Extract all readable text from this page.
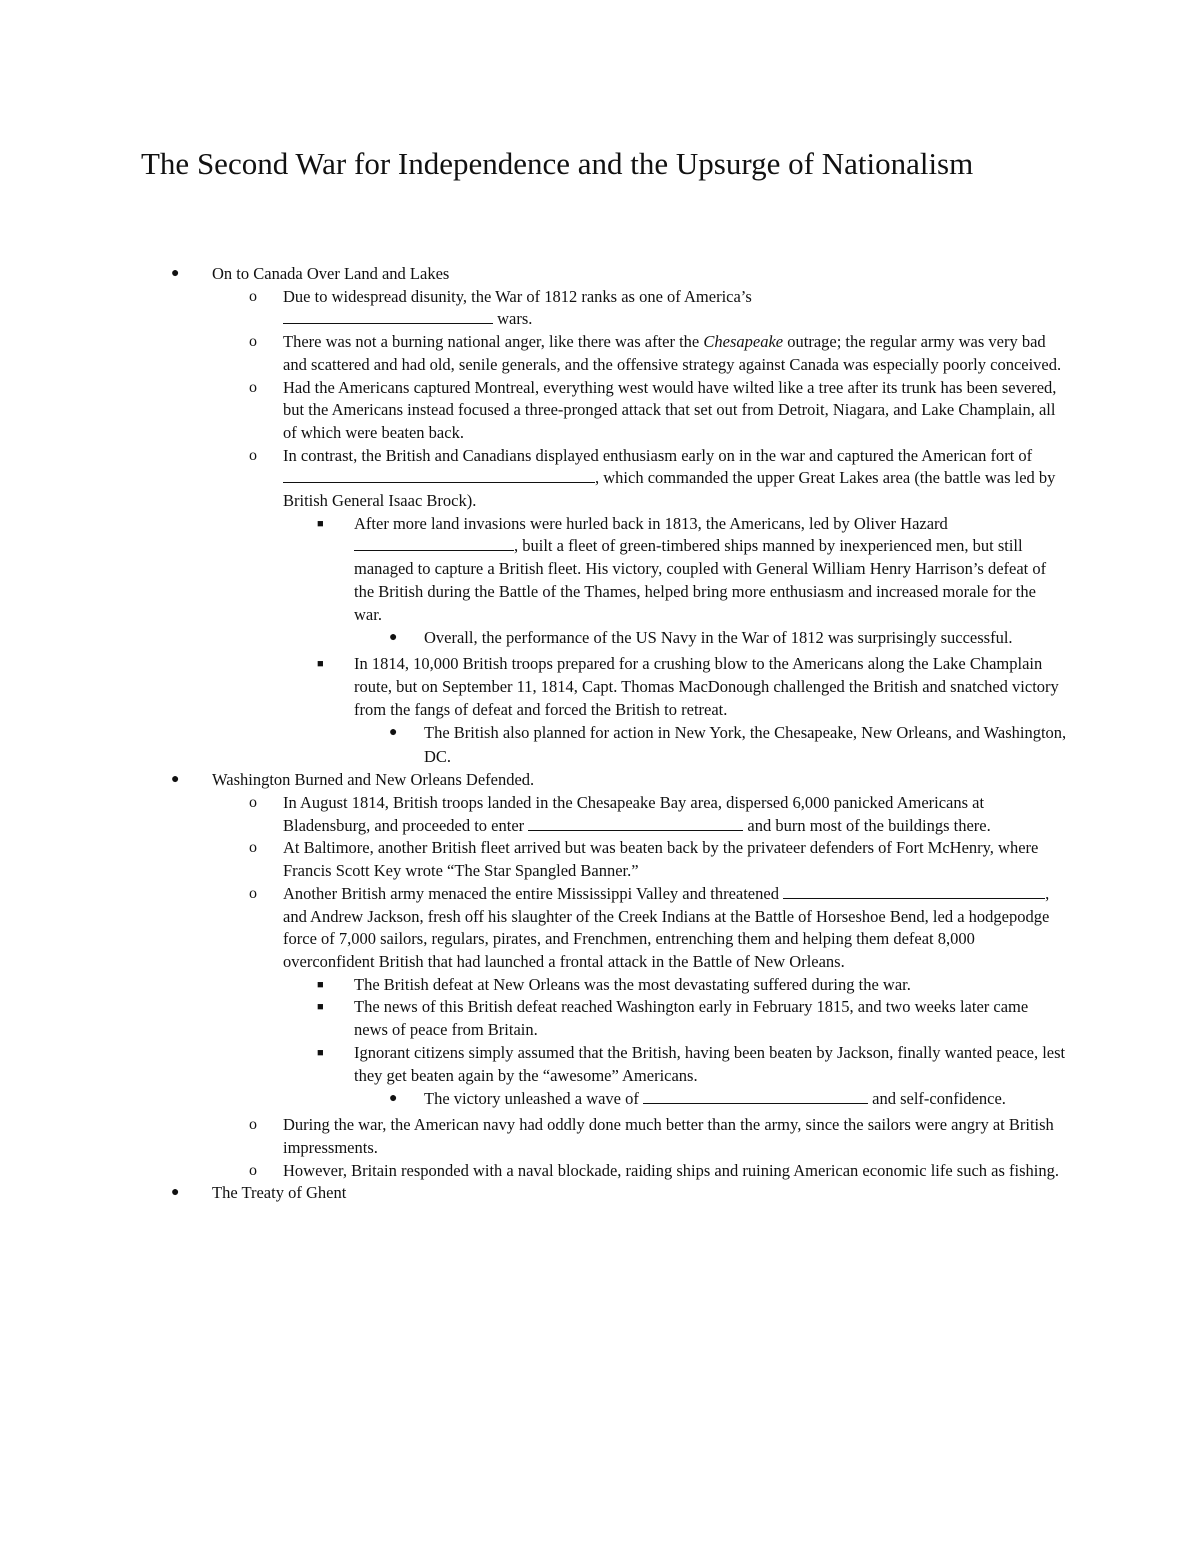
The Second War for Independence and the Upsurge of Nationalism
● On to Canada Over Land and Lakes
o Due to widespread disunity, the War of 1812 ranks as one of America’s
wars.
o There was not a burning national anger, like there was after the Chesapeake outrage; the regular army was very bad and scattered and had old, senile generals, and the offensive strategy against Canada was especially poorly conceived.
o Had the Americans captured Montreal, everything west would have wilted like a tree after its trunk has been severed, but the Americans instead focused a three-pronged attack that set out from Detroit, Niagara, and Lake Champlain, all of which were beaten back.
o In contrast, the British and Canadians displayed enthusiasm early on in the war and captured the American fort of , which commanded the upper Great Lakes area (the battle was led by British General Isaac Brock).
■ After more land invasions were hurled back in 1813, the Americans, led by Oliver Hazard , built a fleet of green-timbered ships manned by inexperienced men, but still managed to capture a British fleet. His victory, coupled with General William Henry Harrison’s defeat of the British during the Battle of the Thames, helped bring more enthusiasm and increased morale for the war.
● Overall, the performance of the US Navy in the War of 1812 was surprisingly successful.
■ In 1814, 10,000 British troops prepared for a crushing blow to the Americans along the Lake Champlain route, but on September 11, 1814, Capt. Thomas MacDonough challenged the British and snatched victory from the fangs of defeat and forced the British to retreat.
● The British also planned for action in New York, the Chesapeake, New Orleans, and Washington, DC.
● Washington Burned and New Orleans Defended.
o In August 1814, British troops landed in the Chesapeake Bay area, dispersed 6,000 panicked Americans at Bladensburg, and proceeded to enter	and burn most of the buildings there.
o At Baltimore, another British fleet arrived but was beaten back by the privateer defenders of Fort McHenry, where Francis Scott Key wrote “The Star Spangled Banner.”
o Another British army menaced the entire Mississippi Valley and threatened	, and Andrew Jackson, fresh off his slaughter of the Creek Indians at the Battle of Horseshoe Bend, led a hodgepodge force of 7,000 sailors, regulars, pirates, and Frenchmen, entrenching them and helping them defeat 8,000 overconfident British that had launched a frontal attack in the Battle of New Orleans.
■ The British defeat at New Orleans was the most devastating suffered during the war.
■ The news of this British defeat reached Washington early in February 1815, and two weeks later came news of peace from Britain.
■ Ignorant citizens simply assumed that the British, having been beaten by Jackson, finally wanted peace, lest they get beaten again by the “awesome” Americans.
● The victory unleashed a wave of	and self-confidence.
o During the war, the American navy had oddly done much better than the army, since the sailors were angry at British impressments.
o However, Britain responded with a naval blockade, raiding ships and ruining American economic life such as fishing.
● The Treaty of Ghent
